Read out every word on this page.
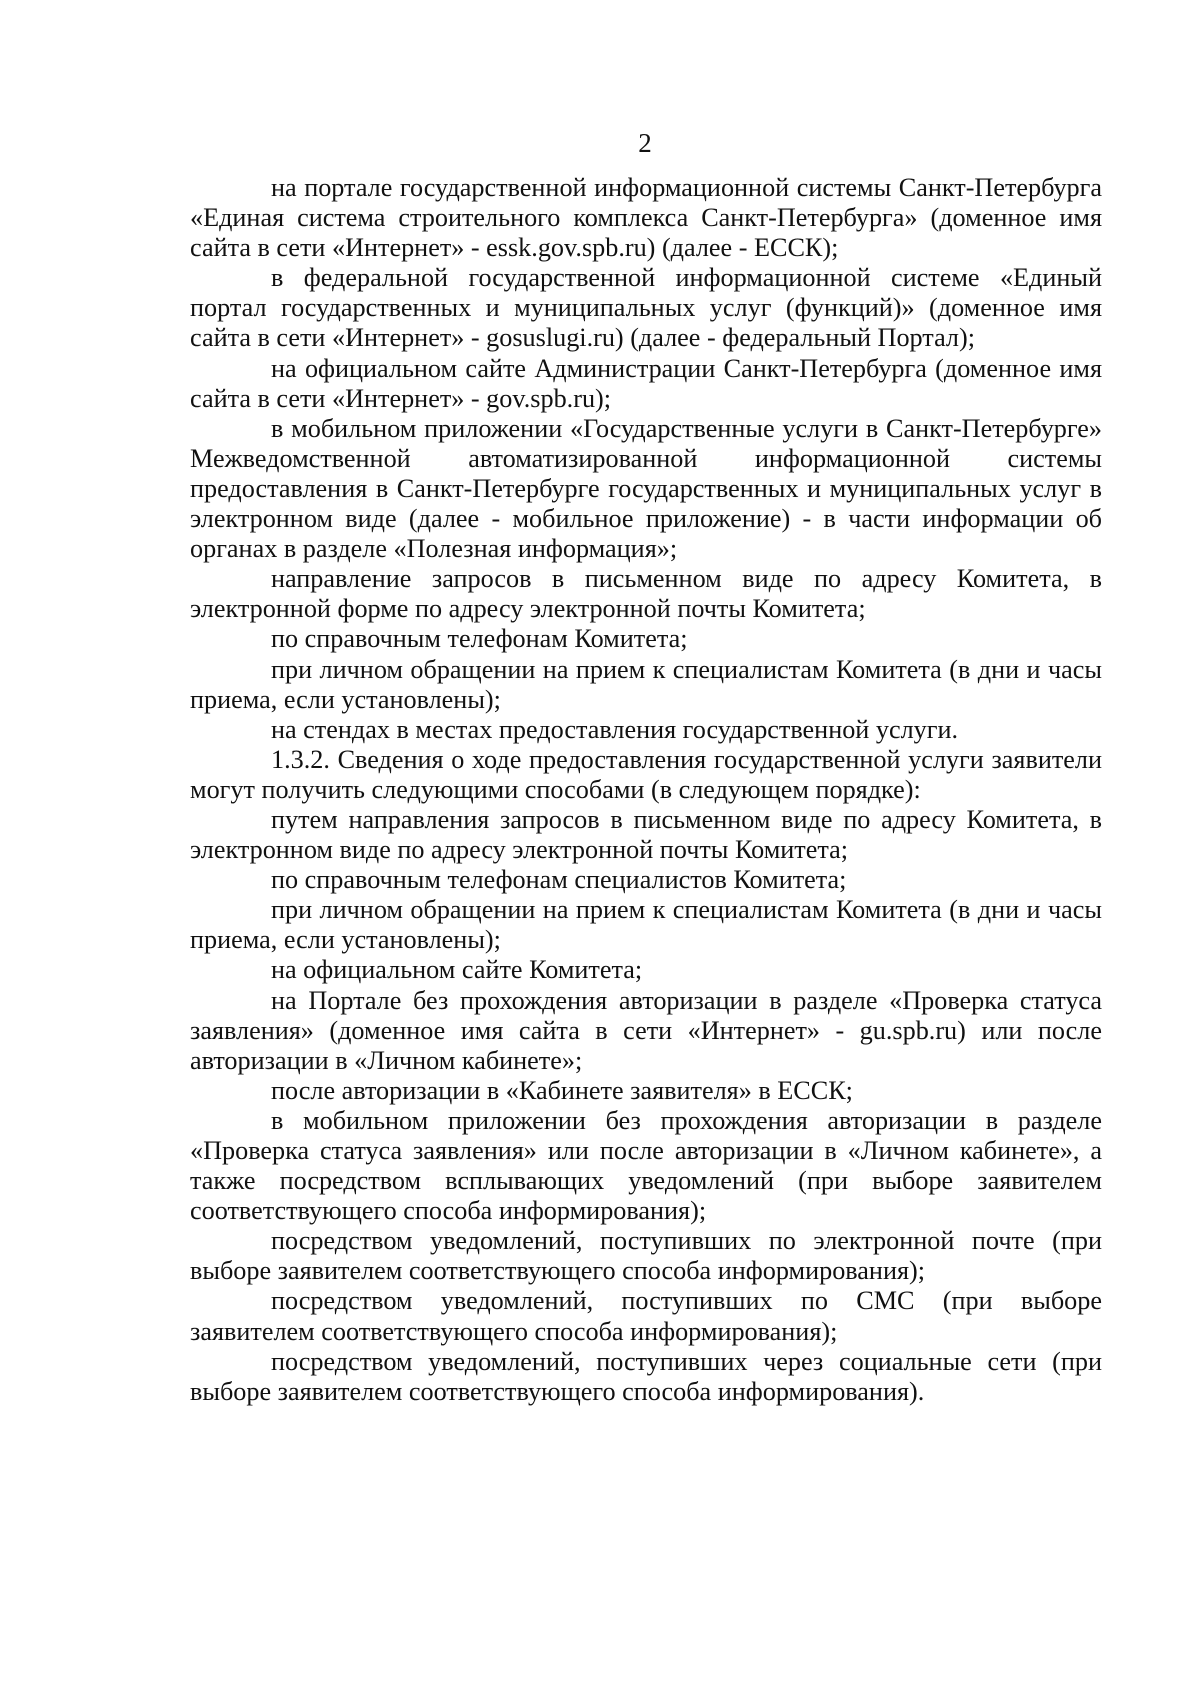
2

на портале государственной информационной системы Санкт-Петербурга «Единая система строительного комплекса Санкт-Петербурга» (доменное имя сайта в сети «Интернет» - essk.gov.spb.ru) (далее - ЕССК);

в федеральной государственной информационной системе «Единый портал государственных и муниципальных услуг (функций)» (доменное имя сайта в сети «Интернет» - gosuslugi.ru) (далее - федеральный Портал);

на официальном сайте Администрации Санкт-Петербурга (доменное имя сайта в сети «Интернет» - gov.spb.ru);

в мобильном приложении «Государственные услуги в Санкт-Петербурге» Межведомственной автоматизированной информационной системы предоставления в Санкт-Петербурге государственных и муниципальных услуг в электронном виде (далее - мобильное приложение) - в части информации об органах в разделе «Полезная информация»;

направление запросов в письменном виде по адресу Комитета, в электронной форме по адресу электронной почты Комитета;

по справочным телефонам Комитета;

при личном обращении на прием к специалистам Комитета (в дни и часы приема, если установлены);

на стендах в местах предоставления государственной услуги.

1.3.2. Сведения о ходе предоставления государственной услуги заявители могут получить следующими способами (в следующем порядке):

путем направления запросов в письменном виде по адресу Комитета, в электронном виде по адресу электронной почты Комитета;

по справочным телефонам специалистов Комитета;

при личном обращении на прием к специалистам Комитета (в дни и часы приема, если установлены);

на официальном сайте Комитета;

на Портале без прохождения авторизации в разделе «Проверка статуса заявления» (доменное имя сайта в сети «Интернет» - gu.spb.ru) или после авторизации в «Личном кабинете»;

после авторизации в «Кабинете заявителя» в ЕССК;

в мобильном приложении без прохождения авторизации в разделе «Проверка статуса заявления» или после авторизации в «Личном кабинете», а также посредством всплывающих уведомлений (при выборе заявителем соответствующего способа информирования);

посредством уведомлений, поступивших по электронной почте (при выборе заявителем соответствующего способа информирования);

посредством уведомлений, поступивших по СМС (при выборе заявителем соответствующего способа информирования);

посредством уведомлений, поступивших через социальные сети (при выборе заявителем соответствующего способа информирования).
